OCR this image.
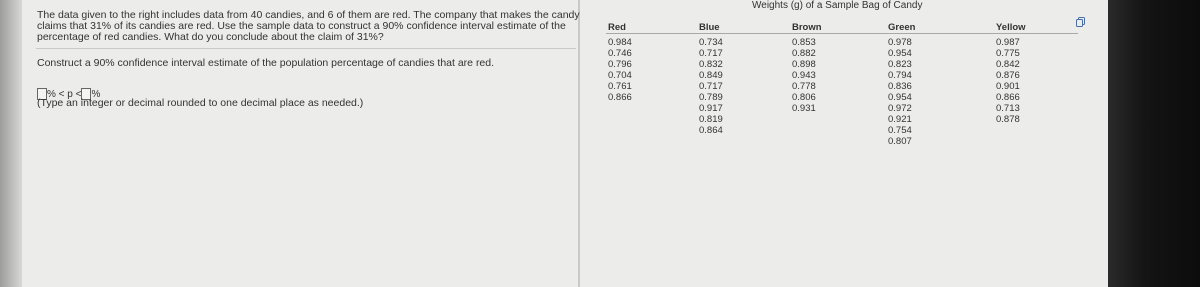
The data given to the right includes data from 40 candies, and 6 of them are red. The company that makes the candy
claims that 31% of its candies are red. Use the sample data to construct a 90% confidence interval estimate of the
percentage of red candies. What do you conclude about the claim of 31%?
Construct a 90% confidence interval estimate of the population percentage of candies that are red.
% < p < %
(Type an integer or decimal rounded to one decimal place as needed.)
Weights (g) of a Sample Bag of Candy
Red
0.984
0.746
0.796
0.704
0.761
0.866
Blue
0.734
0.717
0.832
0.849
0.717
0.789
0.917
0.819
0.864
Brown
0.853
0.882
0.898
0.943
0.778
0.806
0.931
Green
0.978
0.954
0.823
0.794
0.836
0.954
0.972
0.921
0.754
0.807
Yellow
0.987
0.775
0.842
0.876
0.901
0.866
0.713
0.878
